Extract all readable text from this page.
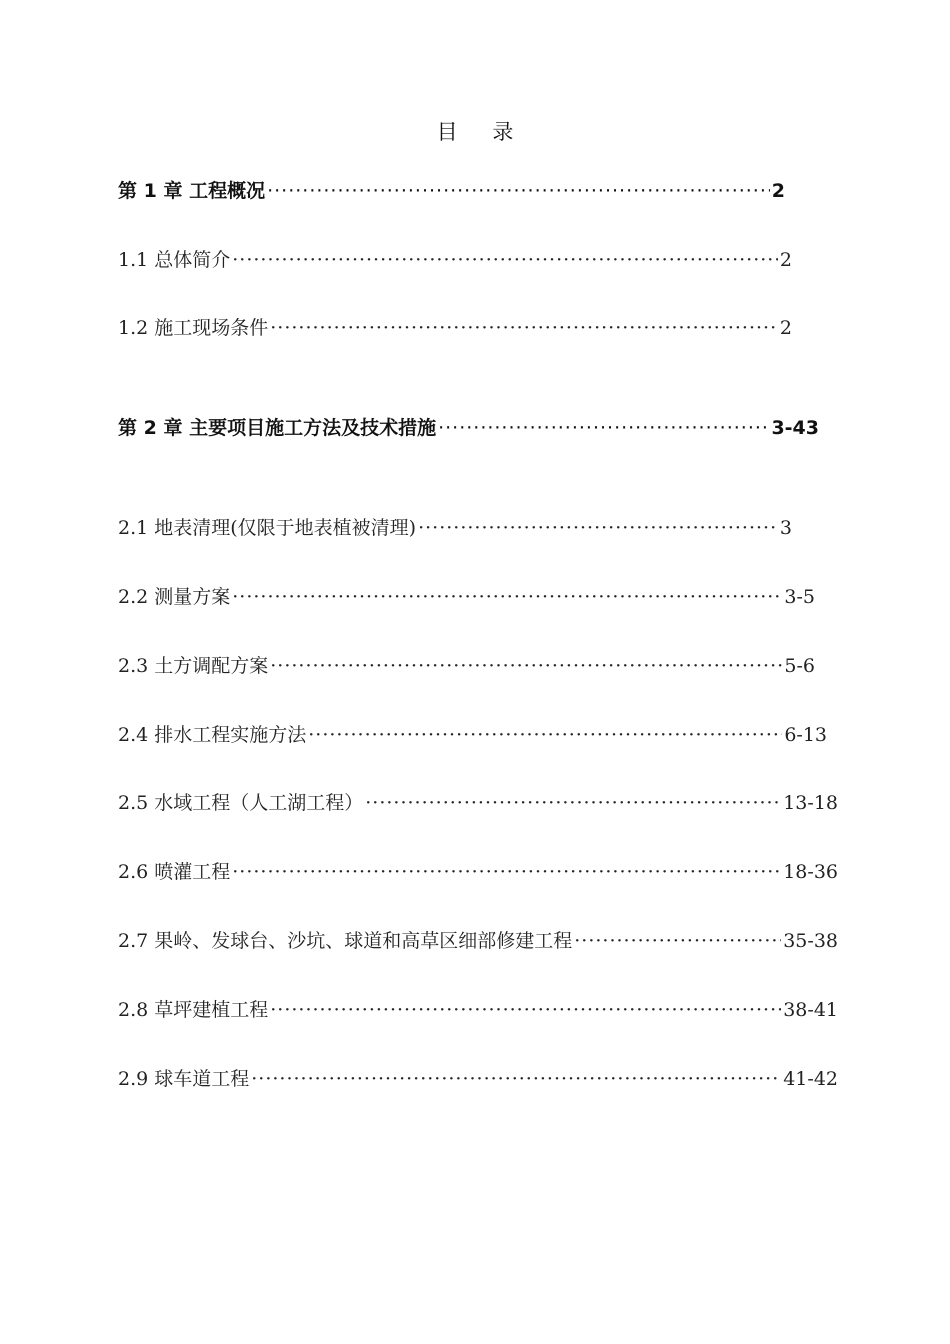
目 录
第 1 章 工程概况 ·····	2
1.1 总体简介 ·····	2
1.2 施工现场条件 ·····	2
第 2 章 主要项目施工方法及技术措施 ·····	3-43
2.1 地表清理(仅限于地表植被清理) ·····	3
2.2 测量方案 ·····	3-5
2.3 土方调配方案 ·····	5-6
2.4 排水工程实施方法 ·····	6-13
2.5 水域工程（人工湖工程） ·····	13-18
2.6 喷灌工程 ·····	18-36
2.7 果岭、发球台、沙坑、球道和高草区细部修建工程 ·····	35-38
2.8 草坪建植工程 ·····	38-41
2.9 球车道工程 ·····	41-42
